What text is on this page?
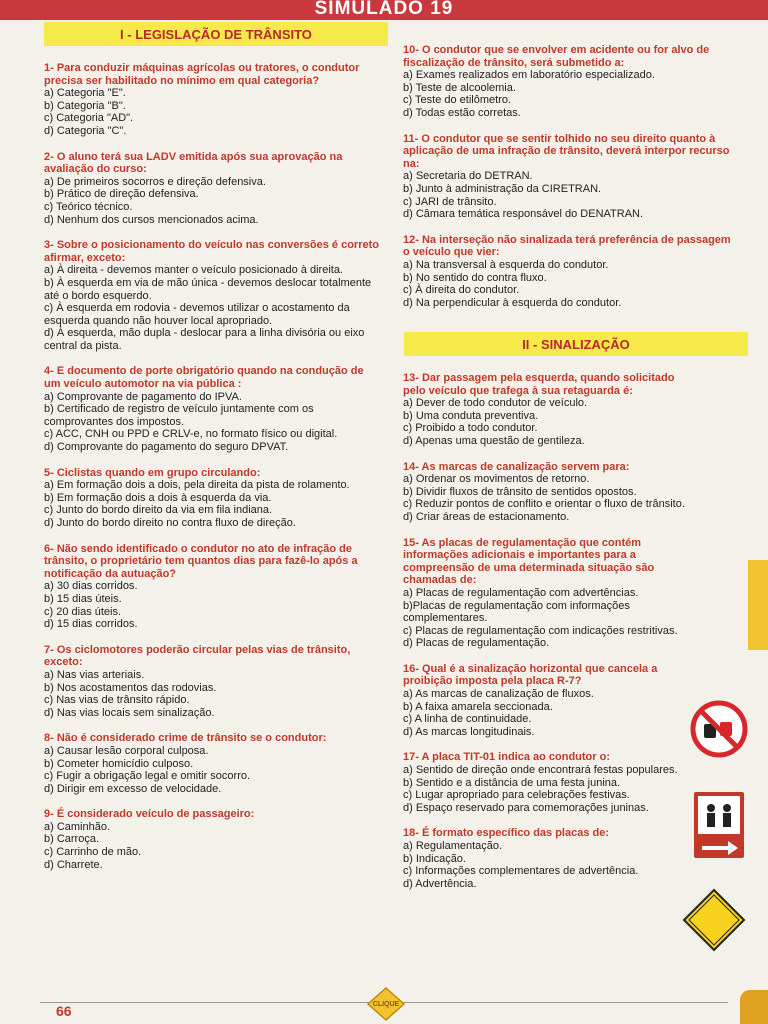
SIMULADO 19
I - LEGISLAÇÃO DE TRÂNSITO
1- Para conduzir máquinas agrícolas ou tratores, o condutor precisa ser habilitado no mínimo em qual categoria?
a) Categoria "E".
b) Categoria "B".
c) Categoria "AD".
d) Categoria "C".
2- O aluno terá sua LADV emitida após sua aprovação na avaliação do curso:
a) De primeiros socorros e direção defensiva.
b) Prático de direção defensiva.
c) Teórico técnico.
d) Nenhum dos cursos mencionados acima.
3- Sobre o posicionamento do veículo nas conversões é correto afirmar, exceto:
a) À direita - devemos manter o veículo posicionado à direita.
b) À esquerda em via de mão única - devemos deslocar totalmente até o bordo esquerdo.
c) À esquerda em rodovia - devemos utilizar o acostamento da esquerda quando não houver local apropriado.
d) À esquerda, mão dupla - deslocar para a linha divisória ou eixo central da pista.
4- E documento de porte obrigatório quando na condução de um veículo automotor na via pública :
a) Comprovante de pagamento do IPVA.
b) Certificado de registro de veículo juntamente com os comprovantes dos impostos.
c) ACC, CNH ou PPD e CRLV-e, no formato físico ou digital.
d) Comprovante do pagamento do seguro DPVAT.
5- Ciclistas quando em grupo circulando:
a) Em formação dois a dois, pela direita da pista de rolamento.
b) Em formação dois a dois à esquerda da via.
c) Junto do bordo direito da via em fila indiana.
d) Junto do bordo direito no contra fluxo de direção.
6- Não sendo identificado o condutor no ato de infração de trânsito, o proprietário tem quantos dias para fazê-lo após a notificação da autuação?
a) 30 dias corridos.
b) 15 dias úteis.
c) 20 dias úteis.
d) 15 dias corridos.
7- Os ciclomotores poderão circular pelas vias de trânsito, exceto:
a) Nas vias arteriais.
b) Nos acostamentos das rodovias.
c) Nas vias de trânsito rápido.
d) Nas vias locais sem sinalização.
8- Não é considerado crime de trânsito se o condutor:
a) Causar lesão corporal culposa.
b) Cometer homicídio culposo.
c) Fugir a obrigação legal e omitir socorro.
d) Dirigir em excesso de velocidade.
9- É considerado veículo de passageiro:
a) Caminhão.
b) Carroça.
c) Carrinho de mão.
d) Charrete.
10- O condutor que se envolver em acidente ou for alvo de fiscalização de trânsito, será submetido a:
a) Exames realizados em laboratório especializado.
b) Teste de alcoolemia.
c) Teste do etilômetro.
d) Todas estão corretas.
11- O condutor que se sentir tolhido no seu direito quanto à aplicação de uma infração de trânsito, deverá interpor recurso na:
a) Secretaria do DETRAN.
b) Junto à administração da CIRETRAN.
c) JARI de trânsito.
d) Câmara temática responsável do DENATRAN.
12- Na interseção não sinalizada terá preferência de passagem o veículo que vier:
a) Na transversal à esquerda do condutor.
b) No sentido do contra fluxo.
c) À direita do condutor.
d) Na perpendicular à esquerda do condutor.
II - SINALIZAÇÃO
13- Dar passagem pela esquerda, quando solicitado pelo veículo que trafega à sua retaguarda é:
a) Dever de todo condutor de veículo.
b) Uma conduta preventiva.
c) Proibido a todo condutor.
d) Apenas uma questão de gentileza.
14- As marcas de canalização servem para:
a) Ordenar os movimentos de retorno.
b) Dividir fluxos de trânsito de sentidos opostos.
c) Reduzir pontos de conflito e orientar o fluxo de trânsito.
d) Criar áreas de estacionamento.
15- As placas de regulamentação que contém informações adicionais e importantes para a compreensão de uma determinada situação são chamadas de:
a) Placas de regulamentação com advertências.
b)Placas de regulamentação com informações complementares.
c) Placas de regulamentação com indicações restritivas.
d) Placas de regulamentação.
16- Qual é a sinalização horizontal que cancela a proibição imposta pela placa R-7?
a) As marcas de canalização de fluxos.
b) A faixa amarela seccionada.
c) A linha de continuidade.
d) As marcas longitudinais.
17- A placa TIT-01 indica ao condutor o:
a) Sentido de direção onde encontrará festas populares.
b) Sentido e a distância de uma festa junina.
c) Lugar apropriado para celebrações festivas.
d) Espaço reservado para comemorações juninas.
18- É formato específico das placas de:
a) Regulamentação.
b) Indicação.
c) Informações complementares de advertência.
d) Advertência.
66	CLIQUE
